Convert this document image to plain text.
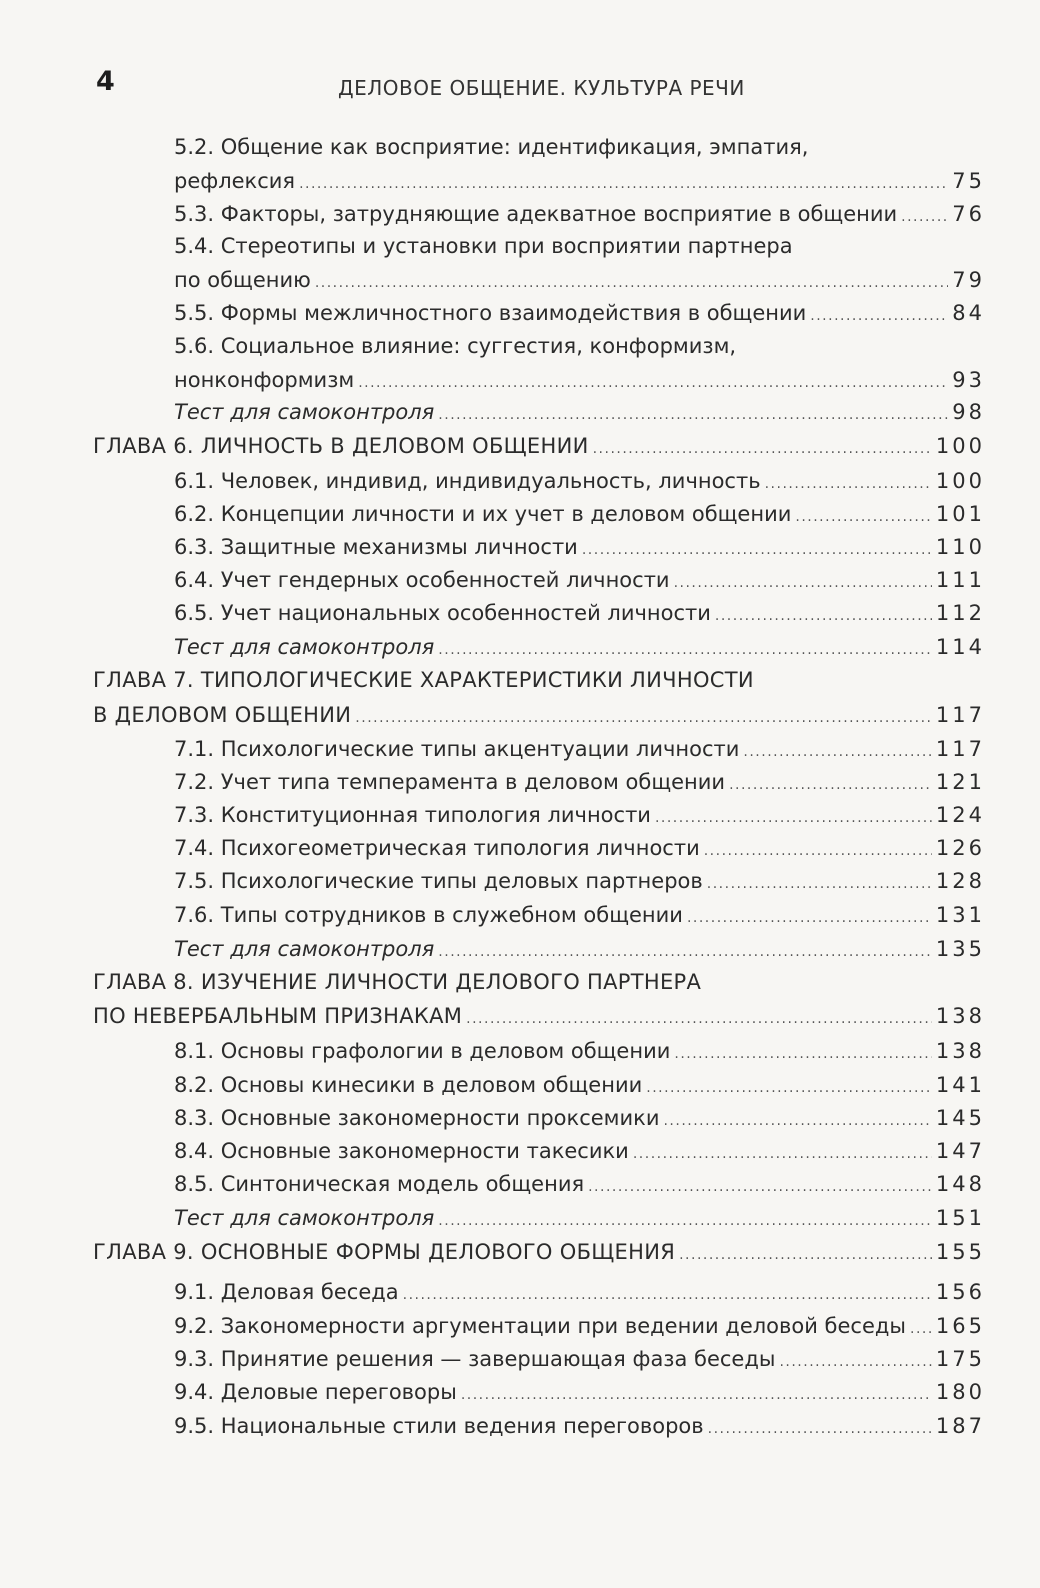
4	ДЕЛОВОЕ ОБЩЕНИЕ. КУЛЬТУРА РЕЧИ
5.2. Общение как восприятие: идентификация, эмпатия,
рефлексия .....	75
5.3. Факторы, затрудняющие адекватное восприятие в общении .....	76
5.4. Стереотипы и установки при восприятии партнера
по общению .....	79
5.5. Формы межличностного взаимодействия в общении .....	84
5.6. Социальное влияние: суггестия, конформизм,
нонконформизм .....	93
Тест для самоконтроля .....	98
ГЛАВА 6. ЛИЧНОСТЬ В ДЕЛОВОМ ОБЩЕНИИ .....	100
6.1. Человек, индивид, индивидуальность, личность .....	100
6.2. Концепции личности и их учет в деловом общении .....	101
6.3. Защитные механизмы личности .....	110
6.4. Учет гендерных особенностей личности .....	111
6.5. Учет национальных особенностей личности .....	112
Тест для самоконтроля .....	114
ГЛАВА 7. ТИПОЛОГИЧЕСКИЕ ХАРАКТЕРИСТИКИ ЛИЧНОСТИ
В ДЕЛОВОМ ОБЩЕНИИ .....	117
7.1. Психологические типы акцентуации личности .....	117
7.2. Учет типа темперамента в деловом общении .....	121
7.3. Конституционная типология личности .....	124
7.4. Психогеометрическая типология личности .....	126
7.5. Психологические типы деловых партнеров .....	128
7.6. Типы сотрудников в служебном общении .....	131
Тест для самоконтроля .....	135
ГЛАВА 8. ИЗУЧЕНИЕ ЛИЧНОСТИ ДЕЛОВОГО ПАРТНЕРА
ПО НЕВЕРБАЛЬНЫМ ПРИЗНАКАМ .....	138
8.1. Основы графологии в деловом общении .....	138
8.2. Основы кинесики в деловом общении .....	141
8.3. Основные закономерности проксемики .....	145
8.4. Основные закономерности такесики .....	147
8.5. Синтоническая модель общения .....	148
Тест для самоконтроля .....	151
ГЛАВА 9. ОСНОВНЫЕ ФОРМЫ ДЕЛОВОГО ОБЩЕНИЯ .....	155
9.1. Деловая беседа .....	156
9.2. Закономерности аргументации при ведении деловой беседы ..... 165
9.3. Принятие решения — завершающая фаза беседы .....	175
9.4. Деловые переговоры .....	180
9.5. Национальные стили ведения переговоров .....	187
